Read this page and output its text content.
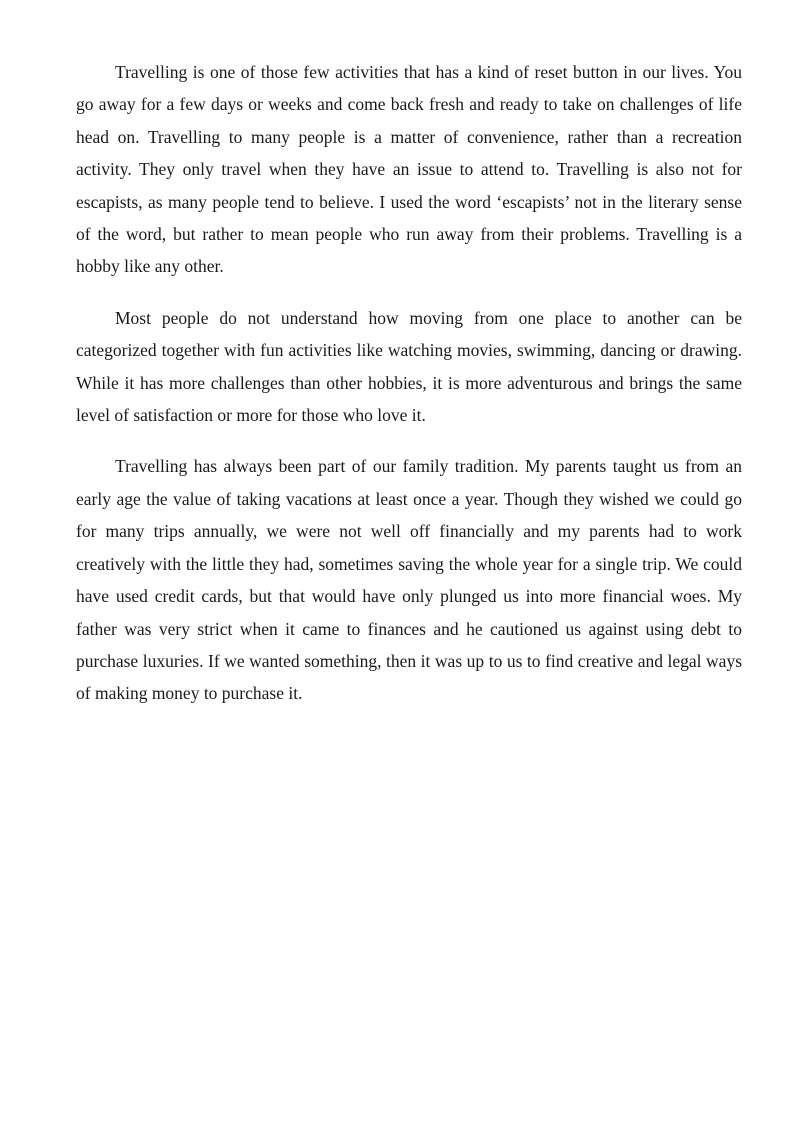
Travelling is one of those few activities that has a kind of reset button in our lives. You go away for a few days or weeks and come back fresh and ready to take on challenges of life head on. Travelling to many people is a matter of convenience, rather than a recreation activity. They only travel when they have an issue to attend to. Travelling is also not for escapists, as many people tend to believe. I used the word ‘escapists’ not in the literary sense of the word, but rather to mean people who run away from their problems. Travelling is a hobby like any other.

Most people do not understand how moving from one place to another can be categorized together with fun activities like watching movies, swimming, dancing or drawing. While it has more challenges than other hobbies, it is more adventurous and brings the same level of satisfaction or more for those who love it.

Travelling has always been part of our family tradition. My parents taught us from an early age the value of taking vacations at least once a year. Though they wished we could go for many trips annually, we were not well off financially and my parents had to work creatively with the little they had, sometimes saving the whole year for a single trip. We could have used credit cards, but that would have only plunged us into more financial woes. My father was very strict when it came to finances and he cautioned us against using debt to purchase luxuries. If we wanted something, then it was up to us to find creative and legal ways of making money to purchase it.
